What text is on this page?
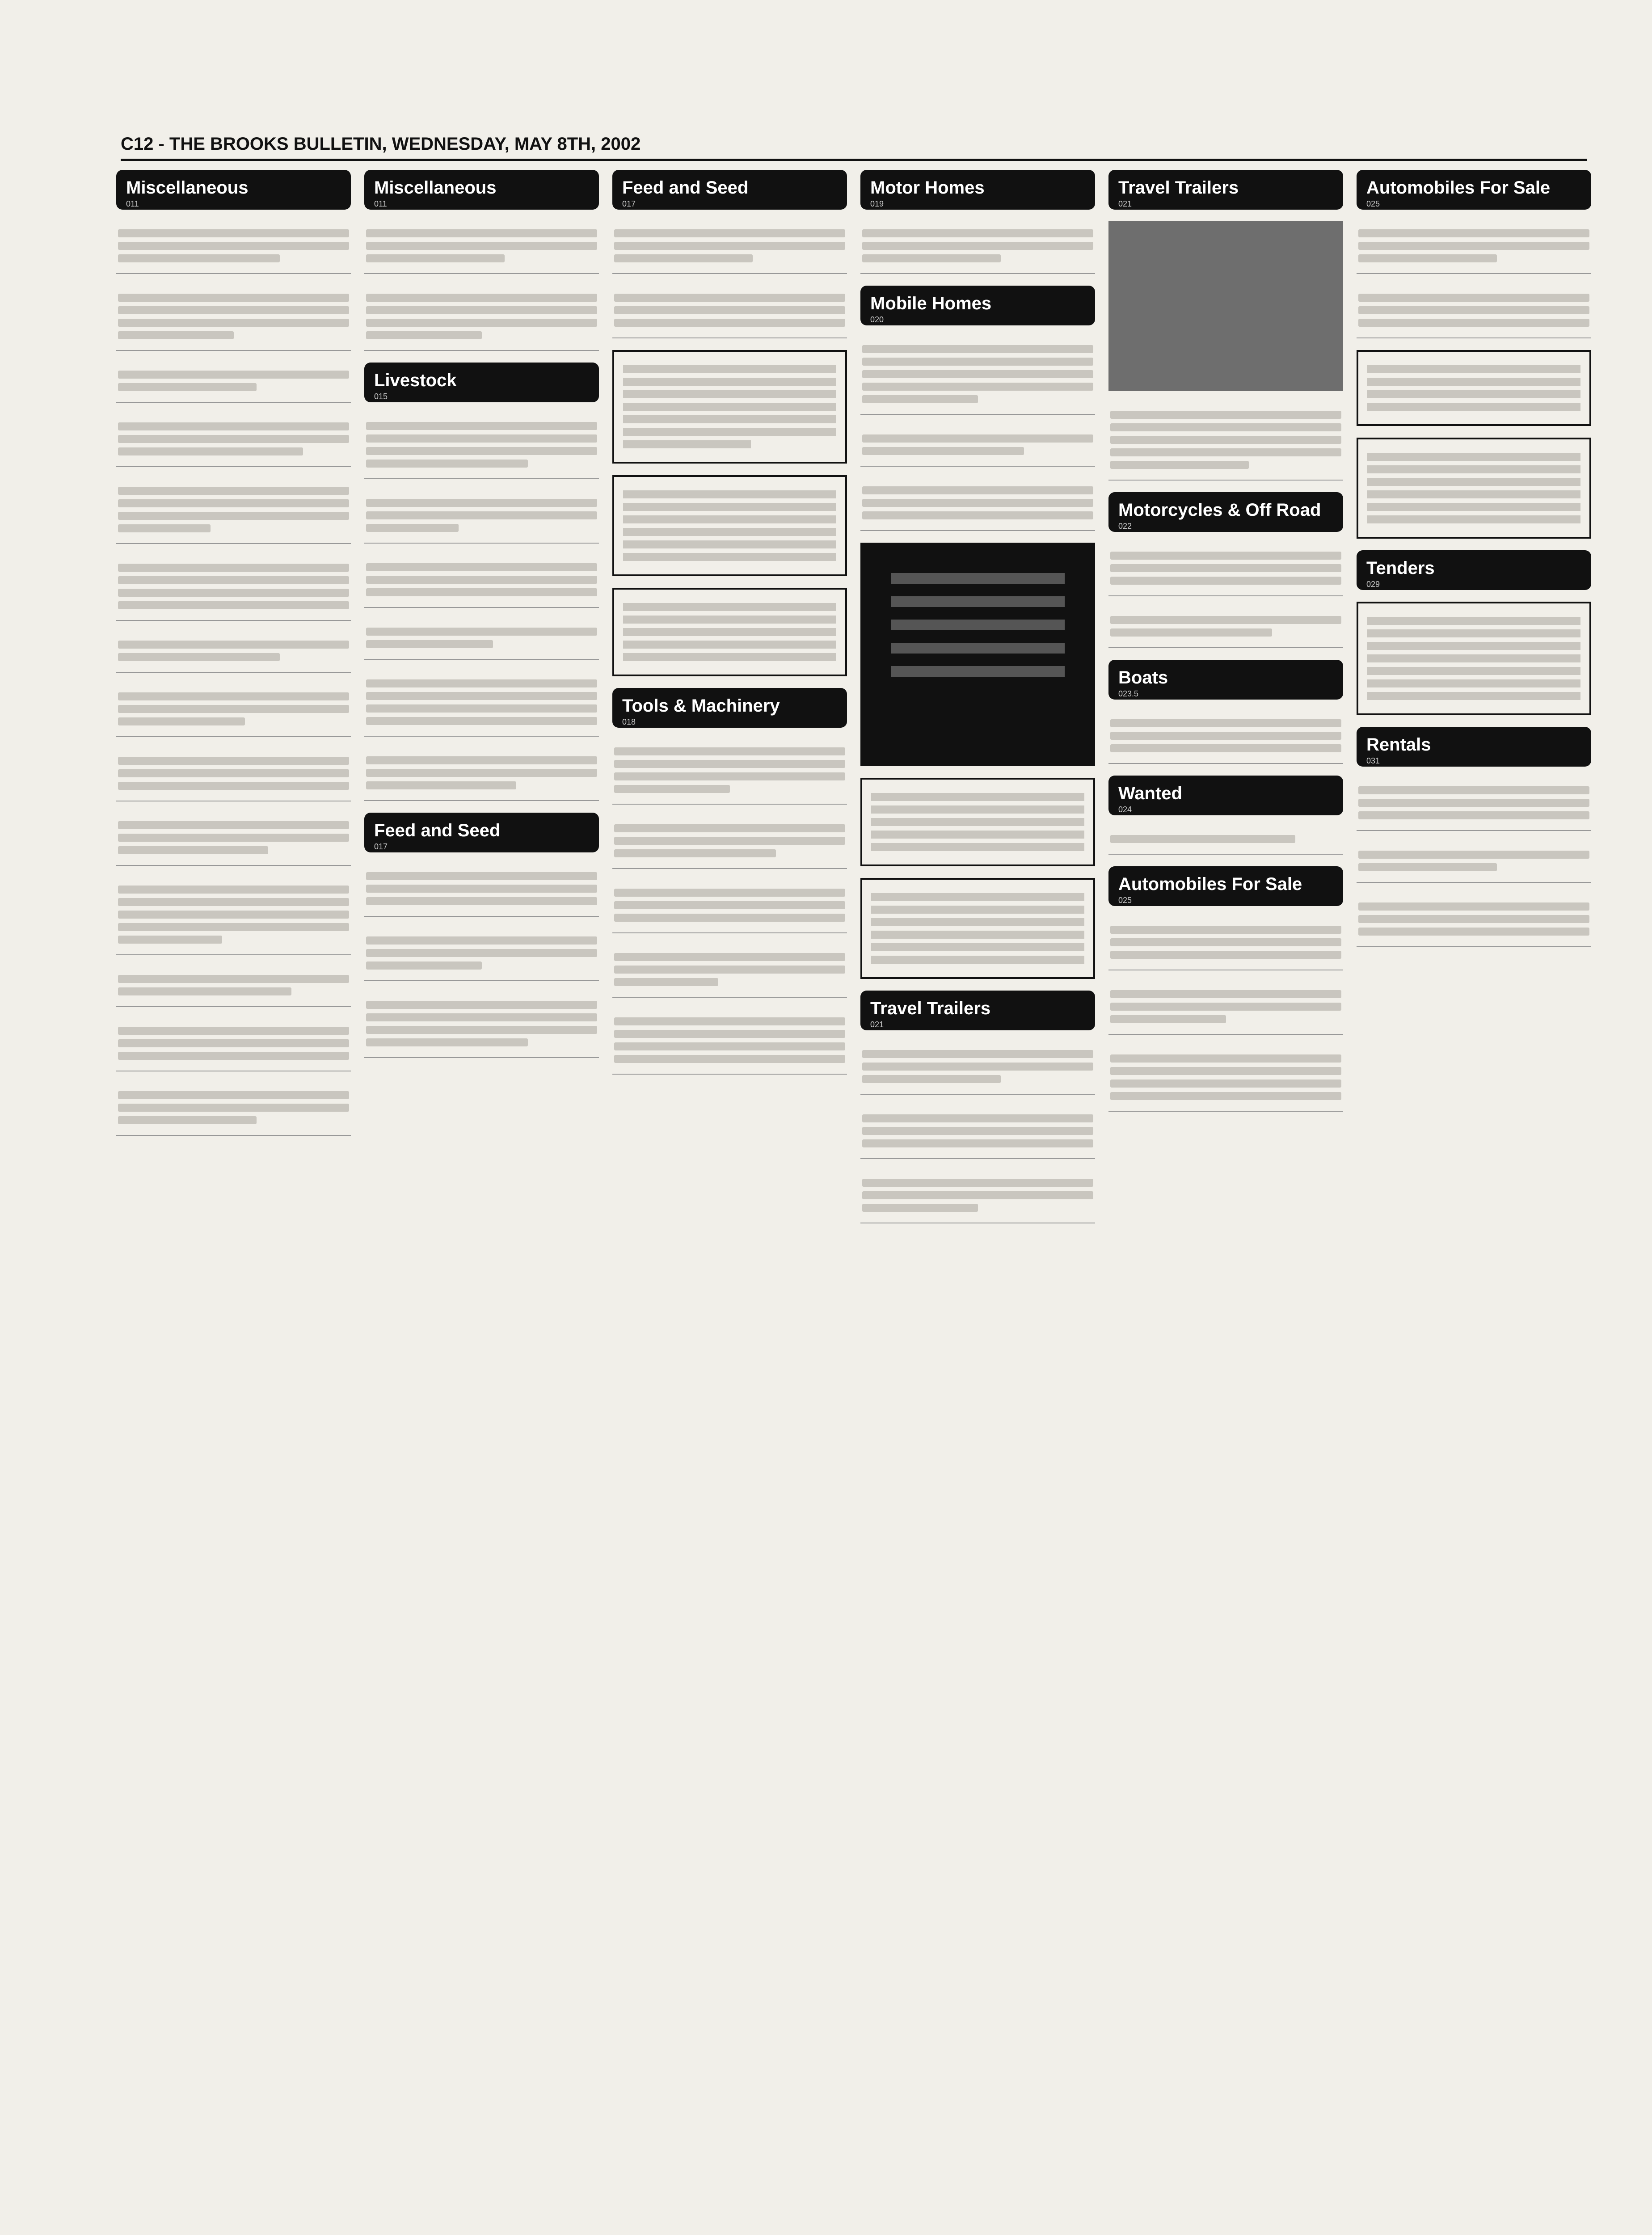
C12 - THE BROOKS BULLETIN, WEDNESDAY, MAY 8TH, 2002
Miscellaneous
011
Miscellaneous
011
Livestock
015
Feed and Seed
017
Feed and Seed
017
Tools & Machinery
018
Motor Homes
019
Mobile Homes
020
Travel Trailers
021
Travel Trailers
021
Motorcycles & Off Road
022
Boats
023.5
Wanted
024
Automobiles For Sale
025
Automobiles For Sale
025
Tenders
029
Rentals
031
